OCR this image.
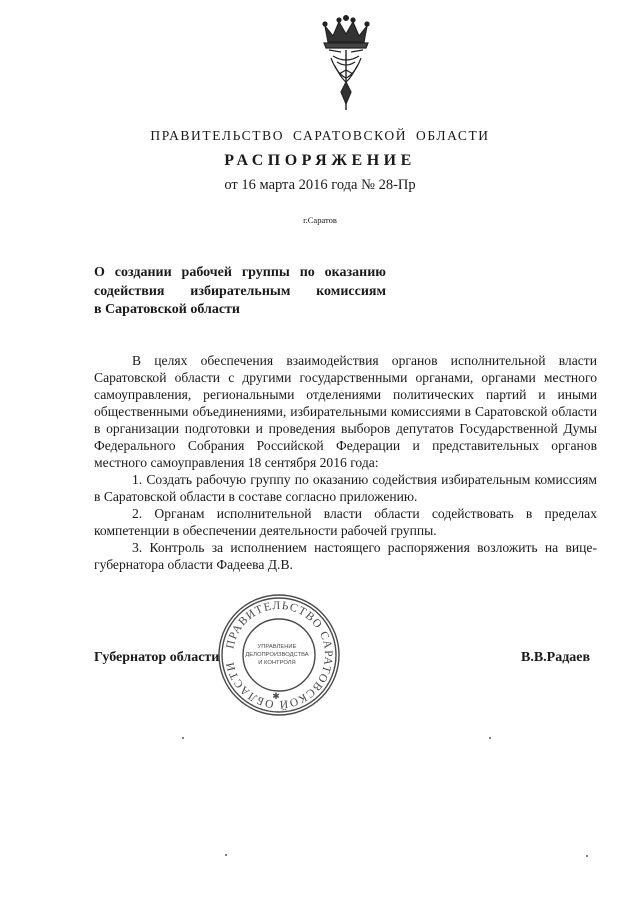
ПРАВИТЕЛЬСТВО САРАТОВСКОЙ ОБЛАСТИ
РАСПОРЯЖЕНИЕ
от 16 марта 2016 года № 28-Пр
г.Саратов
О создании рабочей группы по оказанию
содействия избирательным комиссиям
в Саратовской области

В целях обеспечения взаимодействия органов исполнительной власти Саратовской области с другими государственными органами, органами местного самоуправления, региональными отделениями политических партий и иными общественными объединениями, избирательными комиссиями в Саратовской области в организации подготовки и проведения выборов депутатов Государственной Думы Федерального Собрания Российской Федерации и представительных органов местного самоуправления 18 сентября 2016 года:

1. Создать рабочую группу по оказанию содействия избирательным комиссиям в Саратовской области в составе согласно приложению.

2. Органам исполнительной власти области содействовать в пределах компетенции в обеспечении деятельности рабочей группы.

3. Контроль за исполнением настоящего распоряжения возложить на вице-губернатора области Фадеева Д.В.

ПРАВИТЕЛЬСТВО САРАТОВСКОЙ ОБЛАСТИ
УПРАВЛЕНИЕ
ДЕЛОПРОИЗВОДСТВА
И КОНТРОЛЯ
✱
Губернатор области	В.В.Радаев
